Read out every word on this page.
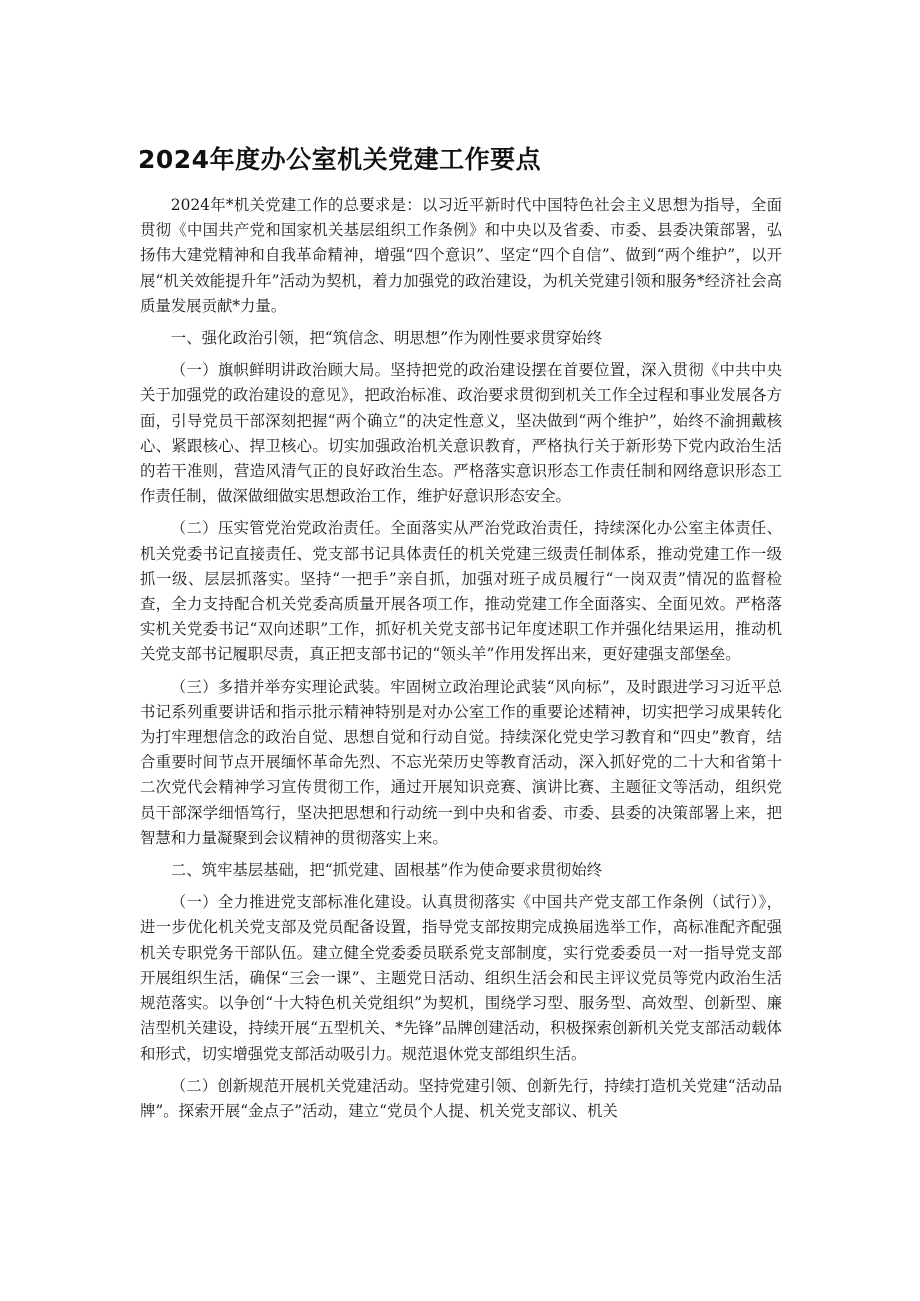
2024年度办公室机关党建工作要点

2024年*机关党建工作的总要求是：以习近平新时代中国特色社会主义思想为指导，全面贯彻《中国共产党和国家机关基层组织工作条例》和中央以及省委、市委、县委决策部署，弘扬伟大建党精神和自我革命精神，增强“四个意识”、坚定“四个自信”、做到“两个维护”，以开展“机关效能提升年”活动为契机，着力加强党的政治建设，为机关党建引领和服务*经济社会高质量发展贡献*力量。

一、强化政治引领，把“筑信念、明思想”作为刚性要求贯穿始终

（一）旗帜鲜明讲政治顾大局。坚持把党的政治建设摆在首要位置，深入贯彻《中共中央关于加强党的政治建设的意见》，把政治标准、政治要求贯彻到机关工作全过程和事业发展各方面，引导党员干部深刻把握“两个确立”的决定性意义，坚决做到“两个维护”，始终不渝拥戴核心、紧跟核心、捍卫核心。切实加强政治机关意识教育，严格执行关于新形势下党内政治生活的若干准则，营造风清气正的良好政治生态。严格落实意识形态工作责任制和网络意识形态工作责任制，做深做细做实思想政治工作，维护好意识形态安全。

（二）压实管党治党政治责任。全面落实从严治党政治责任，持续深化办公室主体责任、机关党委书记直接责任、党支部书记具体责任的机关党建三级责任制体系，推动党建工作一级抓一级、层层抓落实。坚持“一把手”亲自抓，加强对班子成员履行“一岗双责”情况的监督检查，全力支持配合机关党委高质量开展各项工作，推动党建工作全面落实、全面见效。严格落实机关党委书记“双向述职”工作，抓好机关党支部书记年度述职工作并强化结果运用，推动机关党支部书记履职尽责，真正把支部书记的“领头羊”作用发挥出来，更好建强支部堡垒。

（三）多措并举夯实理论武装。牢固树立政治理论武装“风向标”，及时跟进学习习近平总书记系列重要讲话和指示批示精神特别是对办公室工作的重要论述精神，切实把学习成果转化为打牢理想信念的政治自觉、思想自觉和行动自觉。持续深化党史学习教育和“四史”教育，结合重要时间节点开展缅怀革命先烈、不忘光荣历史等教育活动，深入抓好党的二十大和省第十二次党代会精神学习宣传贯彻工作，通过开展知识竞赛、演讲比赛、主题征文等活动，组织党员干部深学细悟笃行，坚决把思想和行动统一到中央和省委、市委、县委的决策部署上来，把智慧和力量凝聚到会议精神的贯彻落实上来。

二、筑牢基层基础，把“抓党建、固根基”作为使命要求贯彻始终

（一）全力推进党支部标准化建设。认真贯彻落实《中国共产党支部工作条例（试行）》，进一步优化机关党支部及党员配备设置，指导党支部按期完成换届选举工作，高标准配齐配强机关专职党务干部队伍。建立健全党委委员联系党支部制度，实行党委委员一对一指导党支部开展组织生活，确保“三会一课”、主题党日活动、组织生活会和民主评议党员等党内政治生活规范落实。以争创“十大特色机关党组织”为契机，围绕学习型、服务型、高效型、创新型、廉洁型机关建设，持续开展“五型机关、*先锋”品牌创建活动，积极探索创新机关党支部活动载体和形式，切实增强党支部活动吸引力。规范退休党支部组织生活。

（二）创新规范开展机关党建活动。坚持党建引领、创新先行，持续打造机关党建“活动品牌”。探索开展“金点子”活动，建立“党员个人提、机关党支部议、机关
